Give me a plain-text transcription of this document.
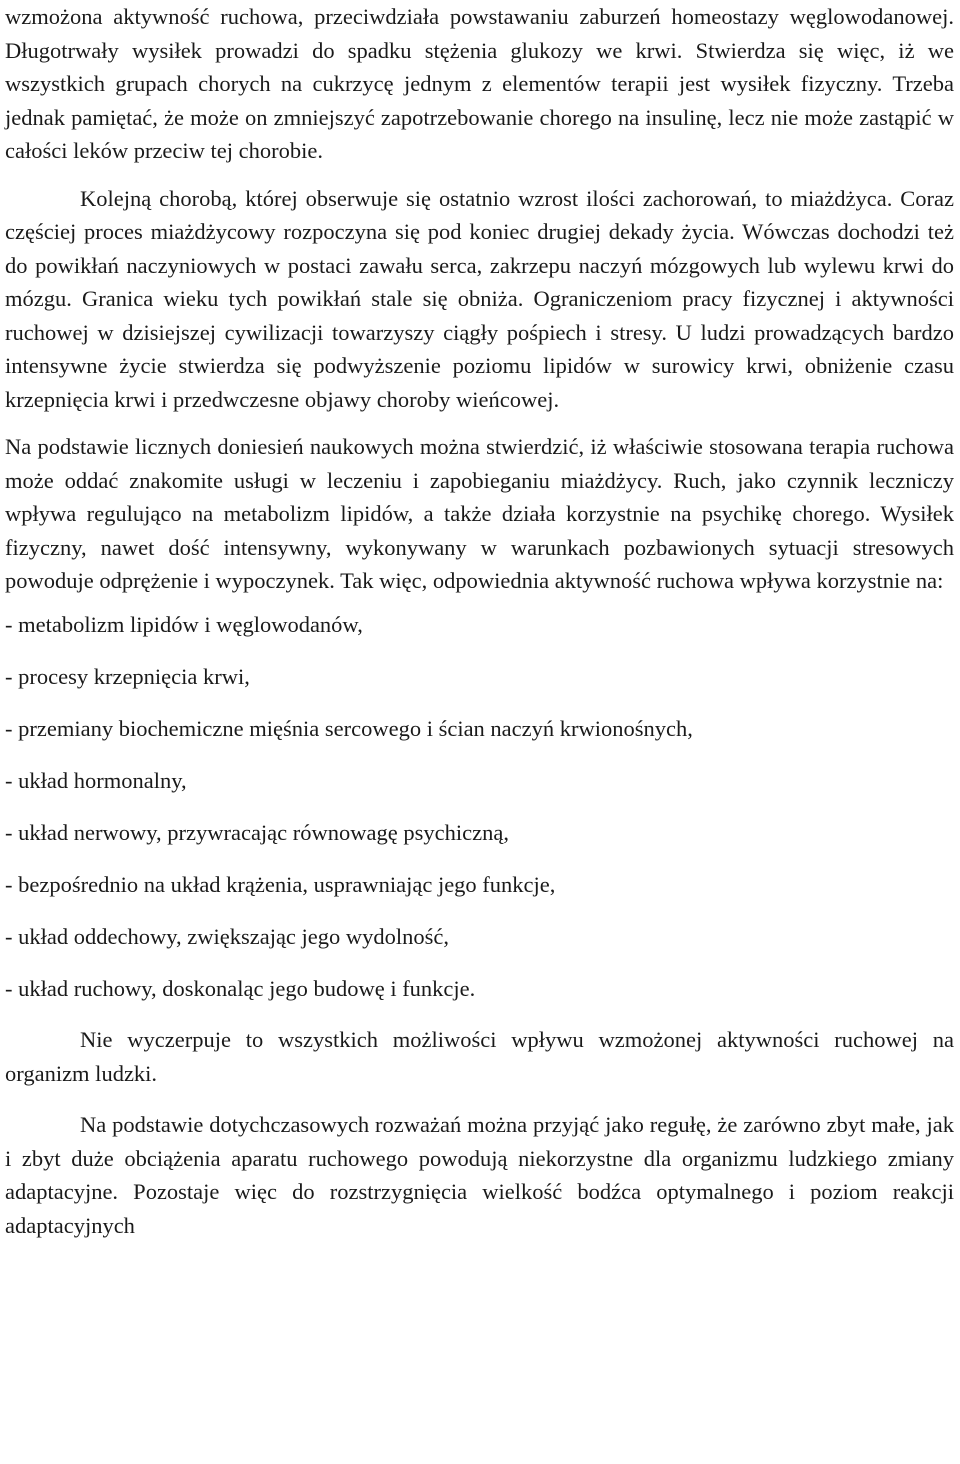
wzmożona aktywność ruchowa, przeciwdziała powstawaniu zaburzeń homeostazy węglowodanowej. Długotrwały wysiłek prowadzi do spadku stężenia glukozy we krwi. Stwierdza się więc, iż we wszystkich grupach chorych na cukrzycę jednym z elementów terapii jest wysiłek fizyczny. Trzeba jednak pamiętać, że może on zmniejszyć zapotrzebowanie chorego na insulinę, lecz nie może zastąpić w całości leków przeciw tej chorobie.

Kolejną chorobą, której obserwuje się ostatnio wzrost ilości zachorowań, to miażdżyca. Coraz częściej proces miażdżycowy rozpoczyna się pod koniec drugiej dekady życia. Wówczas dochodzi też do powikłań naczyniowych w postaci zawału serca, zakrzepu naczyń mózgowych lub wylewu krwi do mózgu. Granica wieku tych powikłań stale się obniża. Ograniczeniom pracy fizycznej i aktywności ruchowej w dzisiejszej cywilizacji towarzyszy ciągły pośpiech i stresy. U ludzi prowadzących bardzo intensywne życie stwierdza się podwyższenie poziomu lipidów w surowicy krwi, obniżenie czasu krzepnięcia krwi i przedwczesne objawy choroby wieńcowej.

Na podstawie licznych doniesień naukowych można stwierdzić, iż właściwie stosowana terapia ruchowa może oddać znakomite usługi w leczeniu i zapobieganiu miażdżycy. Ruch, jako czynnik leczniczy wpływa regulująco na metabolizm lipidów, a także działa korzystnie na psychikę chorego. Wysiłek fizyczny, nawet dość intensywny, wykonywany w warunkach pozbawionych sytuacji stresowych powoduje odprężenie i wypoczynek. Tak więc, odpowiednia aktywność ruchowa wpływa korzystnie na:

- metabolizm lipidów i węglowodanów,
- procesy krzepnięcia krwi,
- przemiany biochemiczne mięśnia sercowego i ścian naczyń krwionośnych,
- układ hormonalny,
- układ nerwowy, przywracając równowagę psychiczną,
- bezpośrednio na układ krążenia, usprawniając jego funkcje,
- układ oddechowy, zwiększając jego wydolność,
- układ ruchowy, doskonaląc jego budowę i funkcje.

Nie wyczerpuje to wszystkich możliwości wpływu wzmożonej aktywności ruchowej na organizm ludzki.

Na podstawie dotychczasowych rozważań można przyjąć jako regułę, że zarówno zbyt małe, jak i zbyt duże obciążenia aparatu ruchowego powodują niekorzystne dla organizmu ludzkiego zmiany adaptacyjne. Pozostaje więc do rozstrzygnięcia wielkość bodźca optymalnego i poziom reakcji adaptacyjnych
